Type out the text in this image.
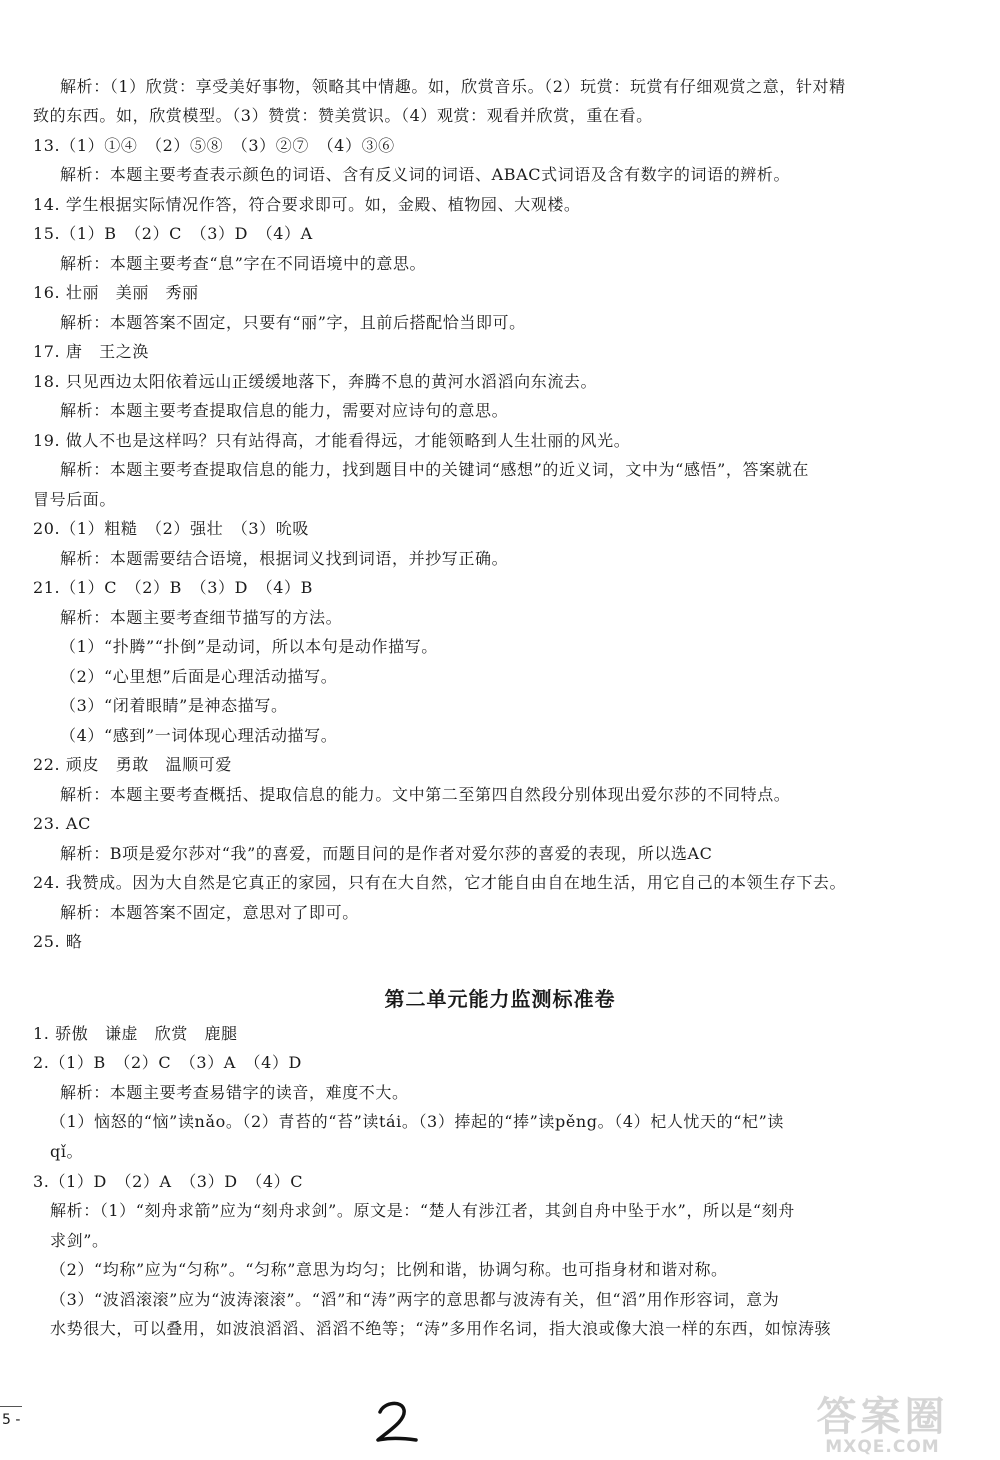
解析：（1）欣赏：享受美好事物，领略其中情趣。如，欣赏音乐。（2）玩赏：玩赏有仔细观赏之意，针对精
致的东西。如，欣赏模型。（3）赞赏：赞美赏识。（4）观赏：观看并欣赏，重在看。
13.（1）①④　（2）⑤⑧　（3）②⑦　（4）③⑥
解析：本题主要考查表示颜色的词语、含有反义词的词语、ABAC式词语及含有数字的词语的辨析。
14. 学生根据实际情况作答，符合要求即可。如，金殿、植物园、大观楼。
15.（1）B　（2）C　（3）D　（4）A
解析：本题主要考查“息”字在不同语境中的意思。
16. 壮丽　美丽　秀丽
解析：本题答案不固定，只要有“丽”字，且前后搭配恰当即可。
17. 唐　王之涣
18. 只见西边太阳依着远山正缓缓地落下，奔腾不息的黄河水滔滔向东流去。
解析：本题主要考查提取信息的能力，需要对应诗句的意思。
19. 做人不也是这样吗？只有站得高，才能看得远，才能领略到人生壮丽的风光。
解析：本题主要考查提取信息的能力，找到题目中的关键词“感想”的近义词，文中为“感悟”，答案就在
冒号后面。
20.（1）粗糙　（2）强壮　（3）吮吸
解析：本题需要结合语境，根据词义找到词语，并抄写正确。
21.（1）C　（2）B　（3）D　（4）B
解析：本题主要考查细节描写的方法。
（1）“扑腾”“扑倒”是动词，所以本句是动作描写。
（2）“心里想”后面是心理活动描写。
（3）“闭着眼睛”是神态描写。
（4）“感到”一词体现心理活动描写。
22. 顽皮　勇敢　温顺可爱
解析：本题主要考查概括、提取信息的能力。文中第二至第四自然段分别体现出爱尔莎的不同特点。
23. AC
解析：B项是爱尔莎对“我”的喜爱，而题目问的是作者对爱尔莎的喜爱的表现，所以选AC
24. 我赞成。因为大自然是它真正的家园，只有在大自然，它才能自由自在地生活，用它自己的本领生存下去。
解析：本题答案不固定，意思对了即可。
25. 略
第二单元能力监测标准卷
1. 骄傲　谦虚　欣赏　鹿腿
2.（1）B　（2）C　（3）A　（4）D
解析：本题主要考查易错字的读音，难度不大。
（1）恼怒的“恼”读nǎo。（2）青苔的“苔”读tái。（3）捧起的“捧”读pěng。（4）杞人忧天的“杞”读
qǐ。
3.（1）D　（2）A　（3）D　（4）C
解析：（1）“刻舟求箭”应为“刻舟求剑”。原文是：“楚人有涉江者，其剑自舟中坠于水”，所以是“刻舟
求剑”。
（2）“均称”应为“匀称”。“匀称”意思为均匀；比例和谐，协调匀称。也可指身材和谐对称。
（3）“波滔滚滚”应为“波涛滚滚”。“滔”和“涛”两字的意思都与波涛有关，但“滔”用作形容词，意为
水势很大，可以叠用，如波浪滔滔、滔滔不绝等；“涛”多用作名词，指大浪或像大浪一样的东西，如惊涛骇
5 -	答案圈
MXQE.COM
